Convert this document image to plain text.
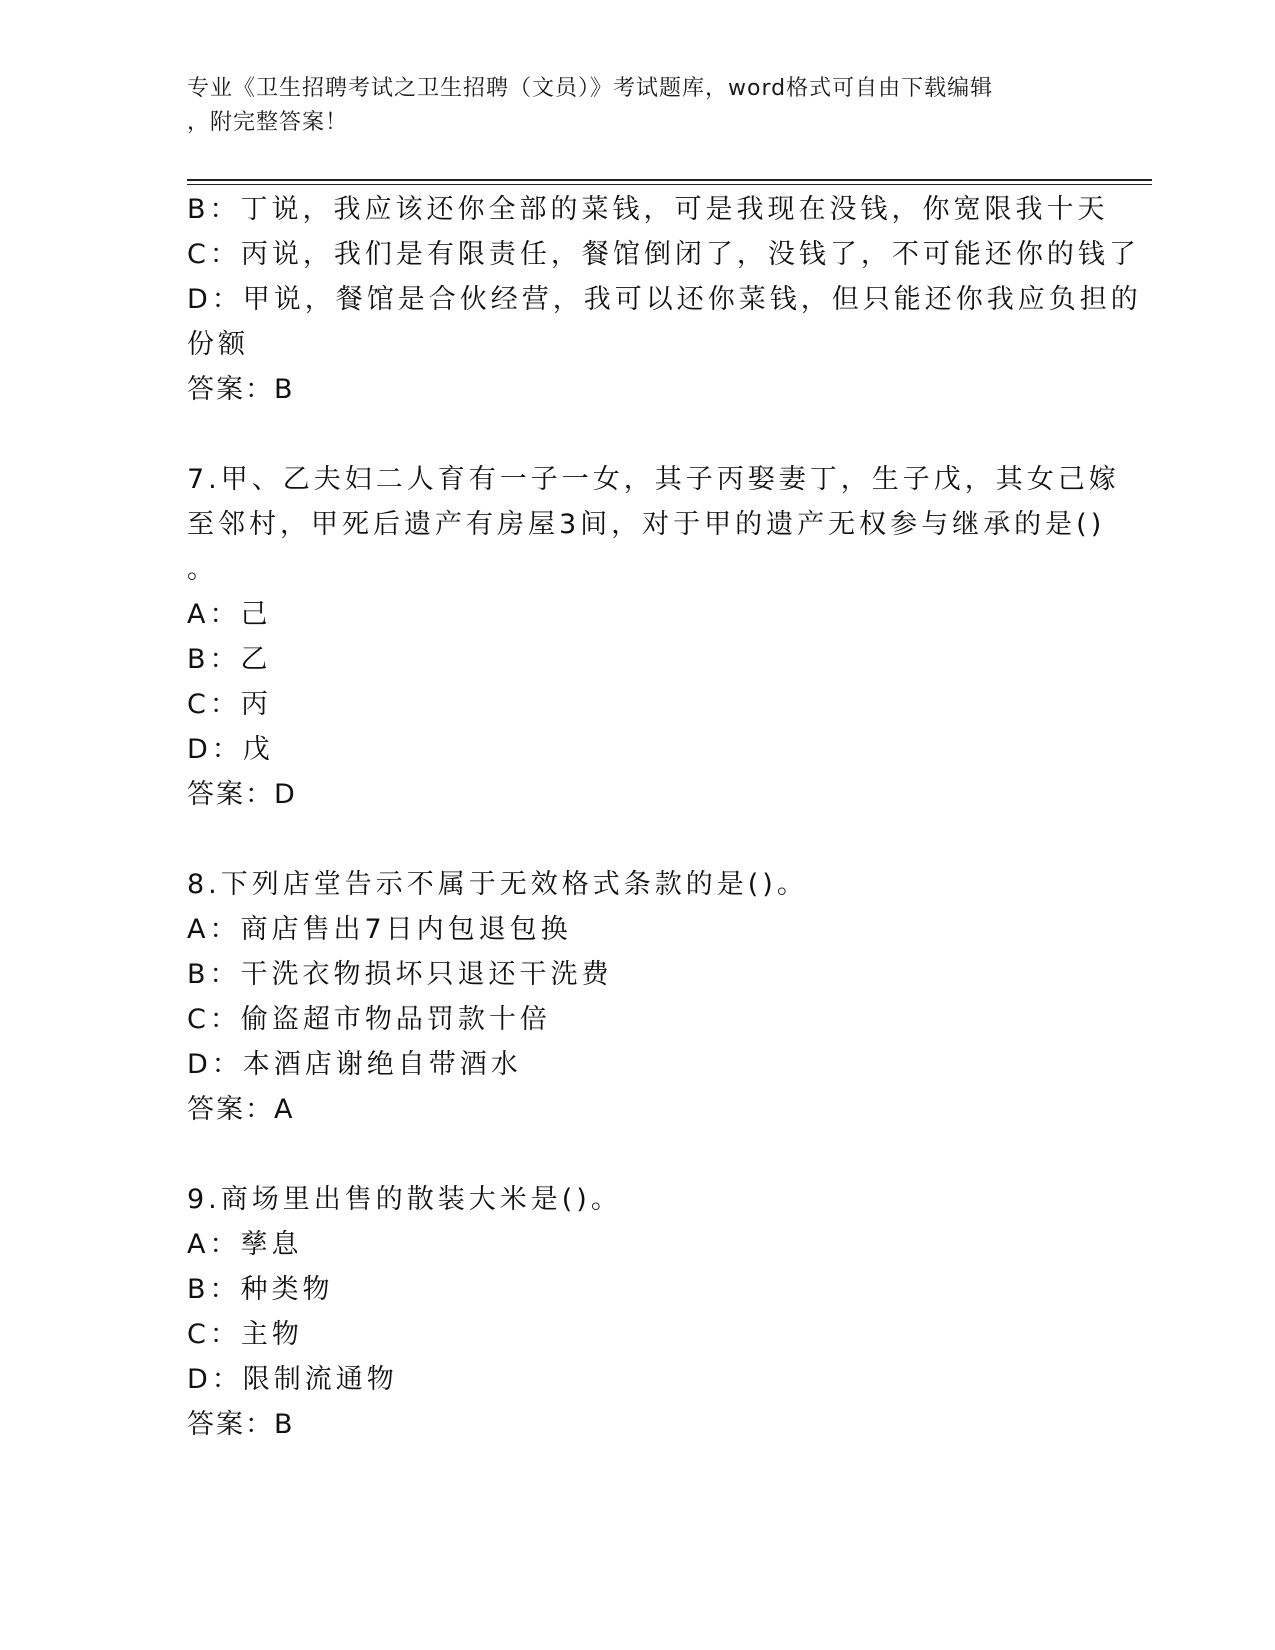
专业《卫生招聘考试之卫生招聘（文员）》考试题库，word格式可自由下载编辑
，附完整答案！
B：丁说，我应该还你全部的菜钱，可是我现在没钱，你宽限我十天
C：丙说，我们是有限责任，餐馆倒闭了，没钱了，不可能还你的钱了
D：甲说，餐馆是合伙经营，我可以还你菜钱，但只能还你我应负担的
份额
答案：B
7.甲、乙夫妇二人育有一子一女，其子丙娶妻丁，生子戊，其女己嫁
至邻村，甲死后遗产有房屋3间，对于甲的遗产无权参与继承的是()
。
A：己
B：乙
C：丙
D：戊
答案：D
8.下列店堂告示不属于无效格式条款的是()。
A：商店售出7日内包退包换
B：干洗衣物损坏只退还干洗费
C：偷盗超市物品罚款十倍
D：本酒店谢绝自带酒水
答案：A
9.商场里出售的散装大米是()。
A：孳息
B：种类物
C：主物
D：限制流通物
答案：B
